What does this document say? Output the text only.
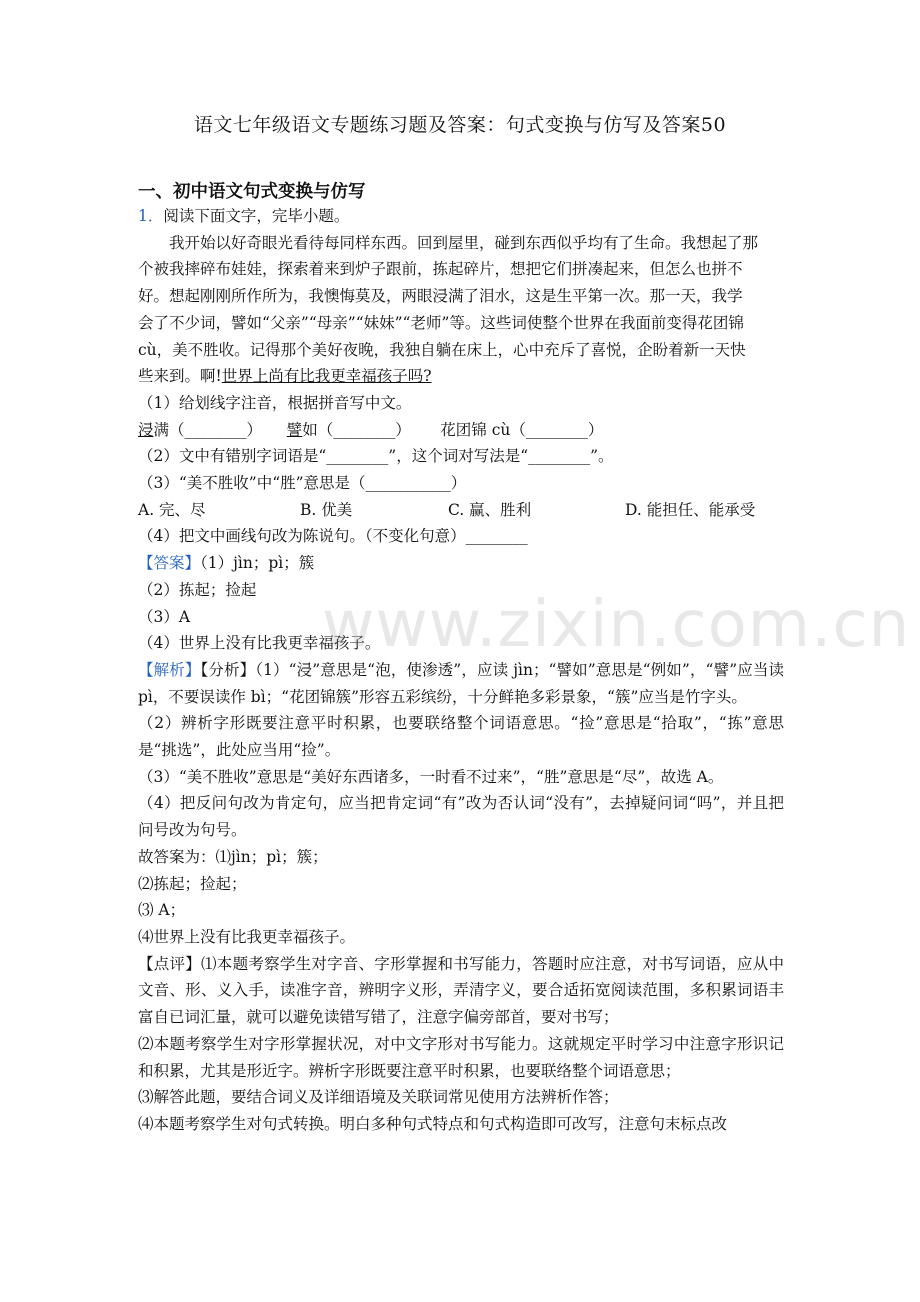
语文七年级语文专题练习题及答案：句式变换与仿写及答案50
一、初中语文句式变换与仿写

1．阅读下面文字，完毕小题。

我开始以好奇眼光看待每同样东西。回到屋里，碰到东西似乎均有了生命。我想起了那

个被我摔碎布娃娃，探索着来到炉子跟前，拣起碎片，想把它们拼凑起来，但怎么也拼不

好。想起刚刚所作所为，我懊悔莫及，两眼浸满了泪水，这是生平第一次。那一天，我学

会了不少词，譬如“父亲”“母亲”“妹妹”“老师”等。这些词使整个世界在我面前变得花团锦

cù，美不胜收。记得那个美好夜晚，我独自躺在床上，心中充斥了喜悦，企盼着新一天快

些来到。啊!世界上尚有比我更幸福孩子吗?

（1）给划线字注音，根据拼音写中文。

浸满（________） 譬如（________） 花团锦 cù（________）

（2）文中有错别字词语是“________”，这个词对写法是“________”。

（3）“美不胜收”中“胜”意思是（___________）

A. 完、尽	B. 优美	C. 赢、胜利	D. 能担任、能承受

（4）把文中画线句改为陈说句。（不变化句意）________

【答案】（1）jìn；pì；簇

（2）拣起；捡起

（3）A

（4）世界上没有比我更幸福孩子。

【解析】【分析】（1）“浸”意思是“泡，使渗透”，应读 jìn；“譬如”意思是“例如”，“譬”应当读 pì，不要误读作 bì；“花团锦簇”形容五彩缤纷，十分鲜艳多彩景象，“簇”应当是竹字头。

（2）辨析字形既要注意平时积累，也要联络整个词语意思。“捡”意思是“拾取”，“拣”意思是“挑选”，此处应当用“捡”。

（3）“美不胜收”意思是“美好东西诸多，一时看不过来”，“胜”意思是“尽”，故选 A。

（4）把反问句改为肯定句，应当把肯定词“有”改为否认词“没有”，去掉疑问词“吗”，并且把问号改为句号。

故答案为：⑴jìn；pì；簇；

⑵拣起；捡起；

⑶ A；

⑷世界上没有比我更幸福孩子。

【点评】⑴本题考察学生对字音、字形掌握和书写能力，答题时应注意，对书写词语，应从中文音、形、义入手，读准字音，辨明字义形，弄清字义，要合适拓宽阅读范围，多积累词语丰富自已词汇量，就可以避免读错写错了，注意字偏旁部首，要对书写；

⑵本题考察学生对字形掌握状况，对中文字形对书写能力。这就规定平时学习中注意字形识记和积累，尤其是形近字。辨析字形既要注意平时积累，也要联络整个词语意思；

⑶解答此题，要结合词义及详细语境及关联词常见使用方法辨析作答；

⑷本题考察学生对句式转换。明白多种句式特点和句式构造即可改写，注意句末标点改

www.zixin.com.cn
